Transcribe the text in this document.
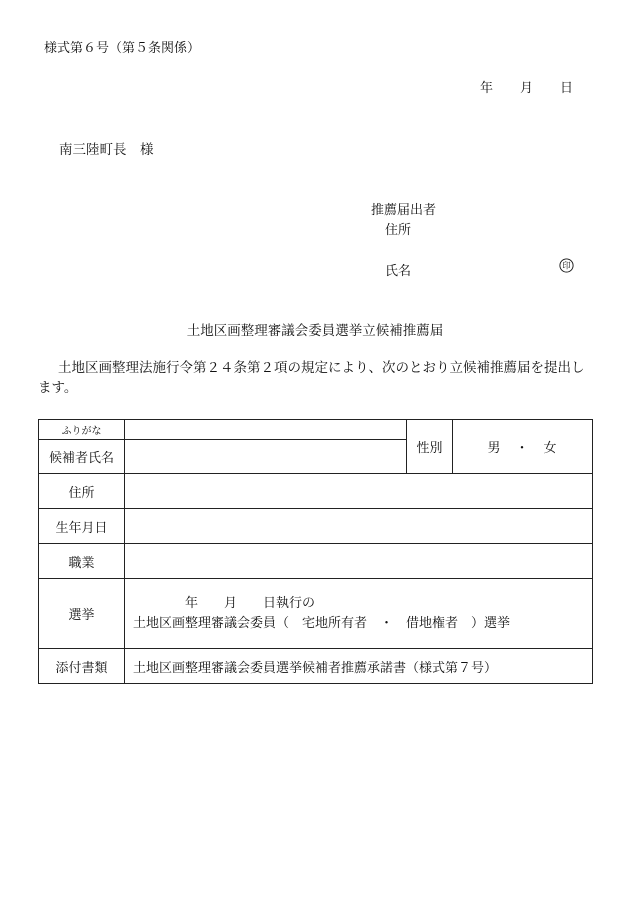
様式第６号（第５条関係）
年 月 日
南三陸町長　様
推薦届出者
住所
氏名	印
土地区画整理審議会委員選挙立候補推薦届
土地区画整理法施行令第２４条第２項の規定により、次のとおり立候補推薦届を提出します。
ふりがな		性別	男　・　女
候補者氏名			
住所			
生年月日			
職業			
選挙	年　　月　　日執行の
土地区画整理審議会委員（　宅地所有者　・　借地権者　）選挙		

添付書類	土地区画整理審議会委員選挙候補者推薦承諾書（様式第７号）		
